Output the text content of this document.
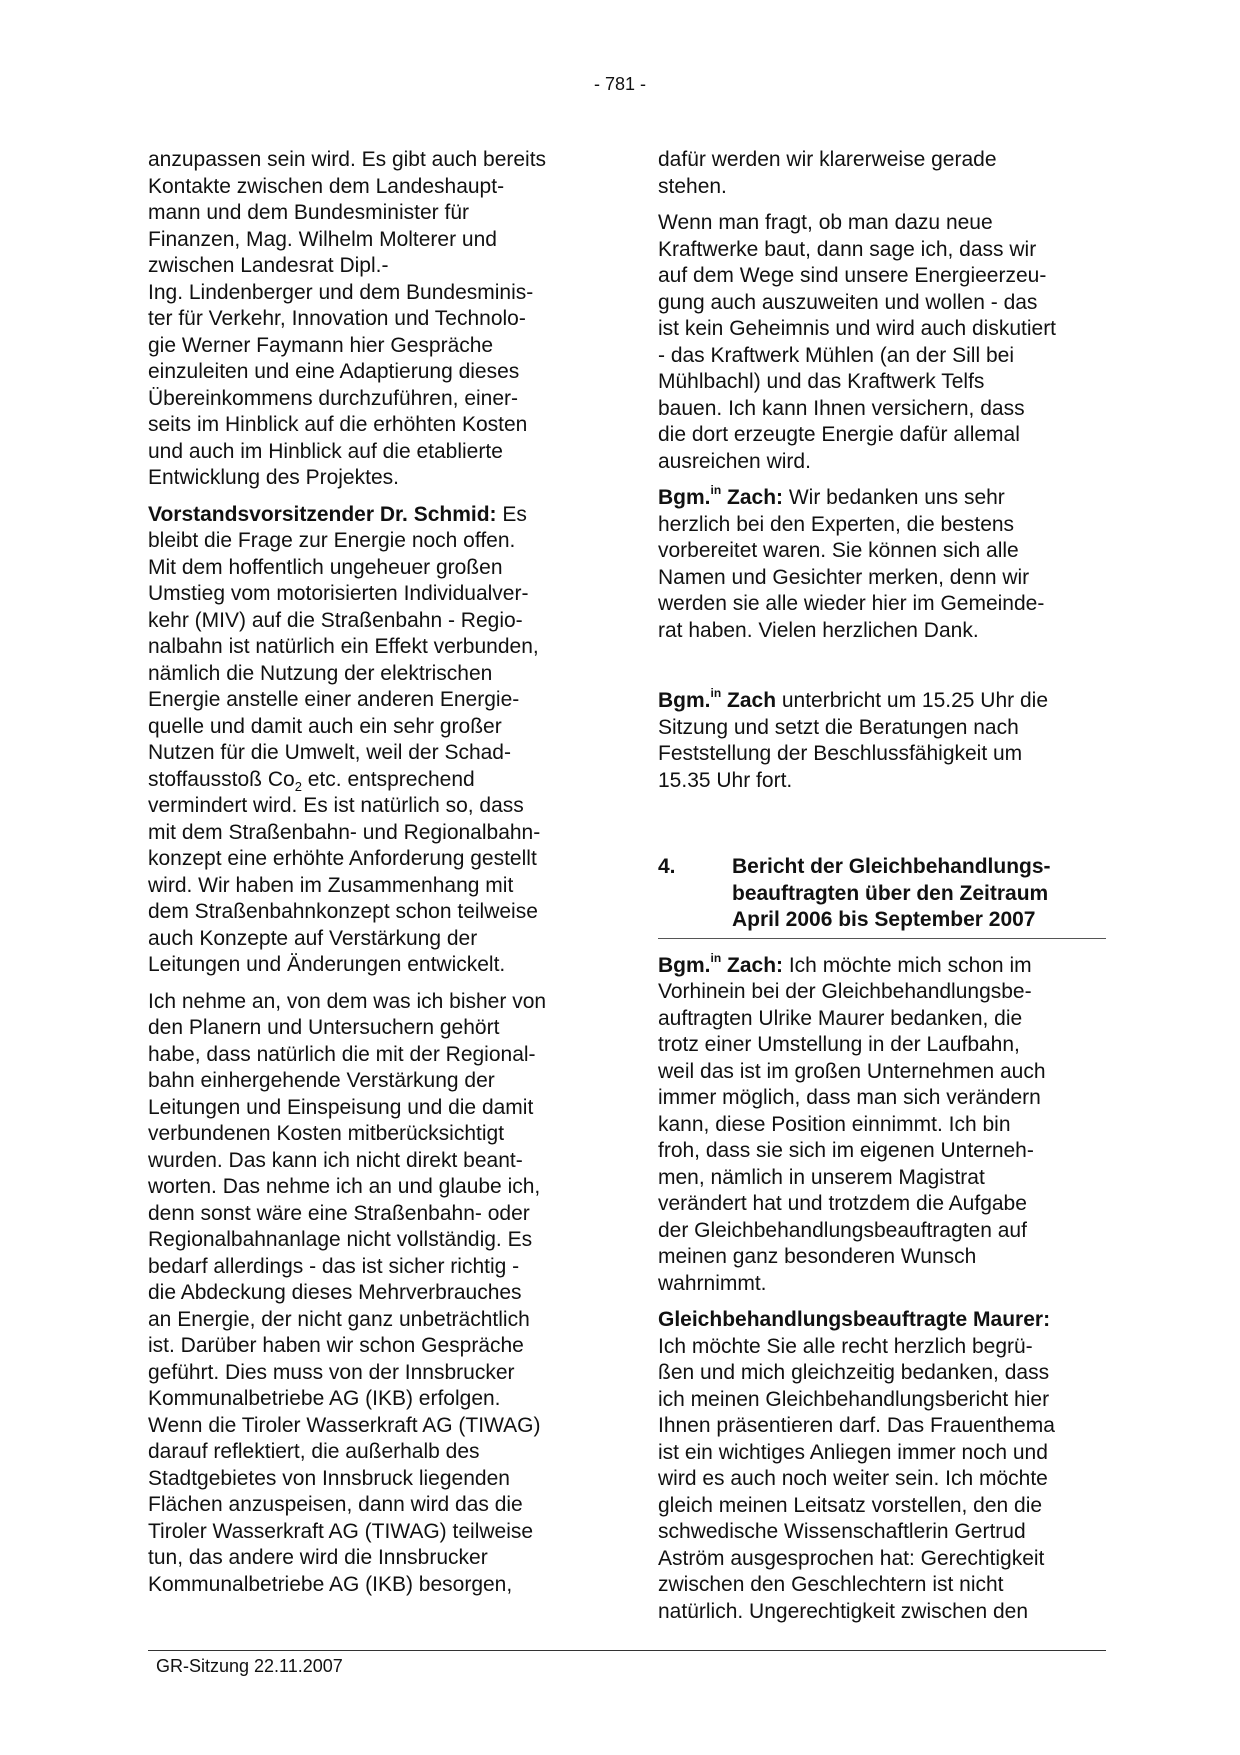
- 781 -

anzupassen sein wird. Es gibt auch bereits
Kontakte zwischen dem Landeshaupt-
mann und dem Bundesminister für
Finanzen, Mag. Wilhelm Molterer und
zwischen Landesrat Dipl.-
Ing. Lindenberger und dem Bundesminis-
ter für Verkehr, Innovation und Technolo-
gie Werner Faymann hier Gespräche
einzuleiten und eine Adaptierung dieses
Übereinkommens durchzuführen, einer-
seits im Hinblick auf die erhöhten Kosten
und auch im Hinblick auf die etablierte
Entwicklung des Projektes.

Vorstandsvorsitzender Dr. Schmid: Es
bleibt die Frage zur Energie noch offen.
Mit dem hoffentlich ungeheuer großen
Umstieg vom motorisierten Individualver-
kehr (MIV) auf die Straßenbahn - Regio-
nalbahn ist natürlich ein Effekt verbunden,
nämlich die Nutzung der elektrischen
Energie anstelle einer anderen Energie-
quelle und damit auch ein sehr großer
Nutzen für die Umwelt, weil der Schad-
stoffausstoß $Co_2$ etc. entsprechend
vermindert wird. Es ist natürlich so, dass
mit dem Straßenbahn- und Regionalbahn-
konzept eine erhöhte Anforderung gestellt
wird. Wir haben im Zusammenhang mit
dem Straßenbahnkonzept schon teilweise
auch Konzepte auf Verstärkung der
Leitungen und Änderungen entwickelt.

Ich nehme an, von dem was ich bisher von
den Planern und Untersuchern gehört
habe, dass natürlich die mit der Regional-
bahn einhergehende Verstärkung der
Leitungen und Einspeisung und die damit
verbundenen Kosten mitberücksichtigt
wurden. Das kann ich nicht direkt beant-
worten. Das nehme ich an und glaube ich,
denn sonst wäre eine Straßenbahn- oder
Regionalbahnanlage nicht vollständig. Es
bedarf allerdings - das ist sicher richtig -
die Abdeckung dieses Mehrverbrauches
an Energie, der nicht ganz unbeträchtlich
ist. Darüber haben wir schon Gespräche
geführt. Dies muss von der Innsbrucker
Kommunalbetriebe AG (IKB) erfolgen.
Wenn die Tiroler Wasserkraft AG (TIWAG)
darauf reflektiert, die außerhalb des
Stadtgebietes von Innsbruck liegenden
Flächen anzuspeisen, dann wird das die
Tiroler Wasserkraft AG (TIWAG) teilweise
tun, das andere wird die Innsbrucker
Kommunalbetriebe AG (IKB) besorgen,

dafür werden wir klarerweise gerade
stehen.

Wenn man fragt, ob man dazu neue
Kraftwerke baut, dann sage ich, dass wir
auf dem Wege sind unsere Energieerzeu-
gung auch auszuweiten und wollen - das
ist kein Geheimnis und wird auch diskutiert
- das Kraftwerk Mühlen (an der Sill bei
Mühlbachl) und das Kraftwerk Telfs
bauen. Ich kann Ihnen versichern, dass
die dort erzeugte Energie dafür allemal
ausreichen wird.

Bgm.$^{in}$ Zach: Wir bedanken uns sehr
herzlich bei den Experten, die bestens
vorbereitet waren. Sie können sich alle
Namen und Gesichter merken, denn wir
werden sie alle wieder hier im Gemeinde-
rat haben. Vielen herzlichen Dank.

Bgm.$^{in}$ Zach unterbricht um 15.25 Uhr die
Sitzung und setzt die Beratungen nach
Feststellung der Beschlussfähigkeit um
15.35 Uhr fort.

4.	Bericht der Gleichbehandlungs-
beauftragten über den Zeitraum
April 2006 bis September 2007

Bgm.$^{in}$ Zach: Ich möchte mich schon im
Vorhinein bei der Gleichbehandlungsbe-
auftragten Ulrike Maurer bedanken, die
trotz einer Umstellung in der Laufbahn,
weil das ist im großen Unternehmen auch
immer möglich, dass man sich verändern
kann, diese Position einnimmt. Ich bin
froh, dass sie sich im eigenen Unterneh-
men, nämlich in unserem Magistrat
verändert hat und trotzdem die Aufgabe
der Gleichbehandlungsbeauftragten auf
meinen ganz besonderen Wunsch
wahrnimmt.

Gleichbehandlungsbeauftragte Maurer:
Ich möchte Sie alle recht herzlich begrü-
ßen und mich gleichzeitig bedanken, dass
ich meinen Gleichbehandlungsbericht hier
Ihnen präsentieren darf. Das Frauenthema
ist ein wichtiges Anliegen immer noch und
wird es auch noch weiter sein. Ich möchte
gleich meinen Leitsatz vorstellen, den die
schwedische Wissenschaftlerin Gertrud
Aström ausgesprochen hat: Gerechtigkeit
zwischen den Geschlechtern ist nicht
natürlich. Ungerechtigkeit zwischen den

GR-Sitzung 22.11.2007
